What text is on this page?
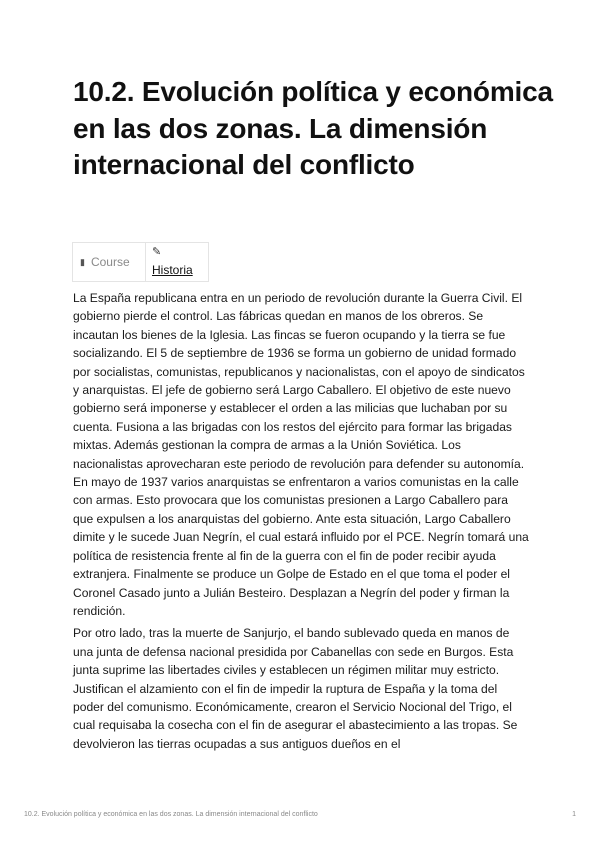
10.2. Evolución política y económica en las dos zonas. La dimensión internacional del conflicto
▮ Course
✎
Historia

La España republicana entra en un periodo de revolución durante la Guerra Civil. El gobierno pierde el control. Las fábricas quedan en manos de los obreros. Se incautan los bienes de la Iglesia. Las fincas se fueron ocupando y la tierra se fue socializando. El 5 de septiembre de 1936 se forma un gobierno de unidad formado por socialistas, comunistas, republicanos y nacionalistas, con el apoyo de sindicatos y anarquistas. El jefe de gobierno será Largo Caballero. El objetivo de este nuevo gobierno será imponerse y establecer el orden a las milicias que luchaban por su cuenta. Fusiona a las brigadas con los restos del ejército para formar las brigadas mixtas. Además gestionan la compra de armas a la Unión Soviética. Los nacionalistas aprovecharan este periodo de revolución para defender su autonomía. En mayo de 1937 varios anarquistas se enfrentaron a varios comunistas en la calle con armas. Esto provocara que los comunistas presionen a Largo Caballero para que expulsen a los anarquistas del gobierno. Ante esta situación, Largo Caballero dimite y le sucede Juan Negrín, el cual estará influido por el PCE. Negrín tomará una política de resistencia frente al fin de la guerra con el fin de poder recibir ayuda extranjera. Finalmente se produce un Golpe de Estado en el que toma el poder el Coronel Casado junto a Julián Besteiro. Desplazan a Negrín del poder y firman la rendición.

Por otro lado, tras la muerte de Sanjurjo, el bando sublevado queda en manos de una junta de defensa nacional presidida por Cabanellas con sede en Burgos. Esta junta suprime las libertades civiles y establecen un régimen militar muy estricto. Justifican el alzamiento con el fin de impedir la ruptura de España y la toma del poder del comunismo. Económicamente, crearon el Servicio Nocional del Trigo, el cual requisaba la cosecha con el fin de asegurar el abastecimiento a las tropas. Se devolvieron las tierras ocupadas a sus antiguos dueños en el

10.2. Evolución política y económica en las dos zonas. La dimensión internacional del conflicto	1
